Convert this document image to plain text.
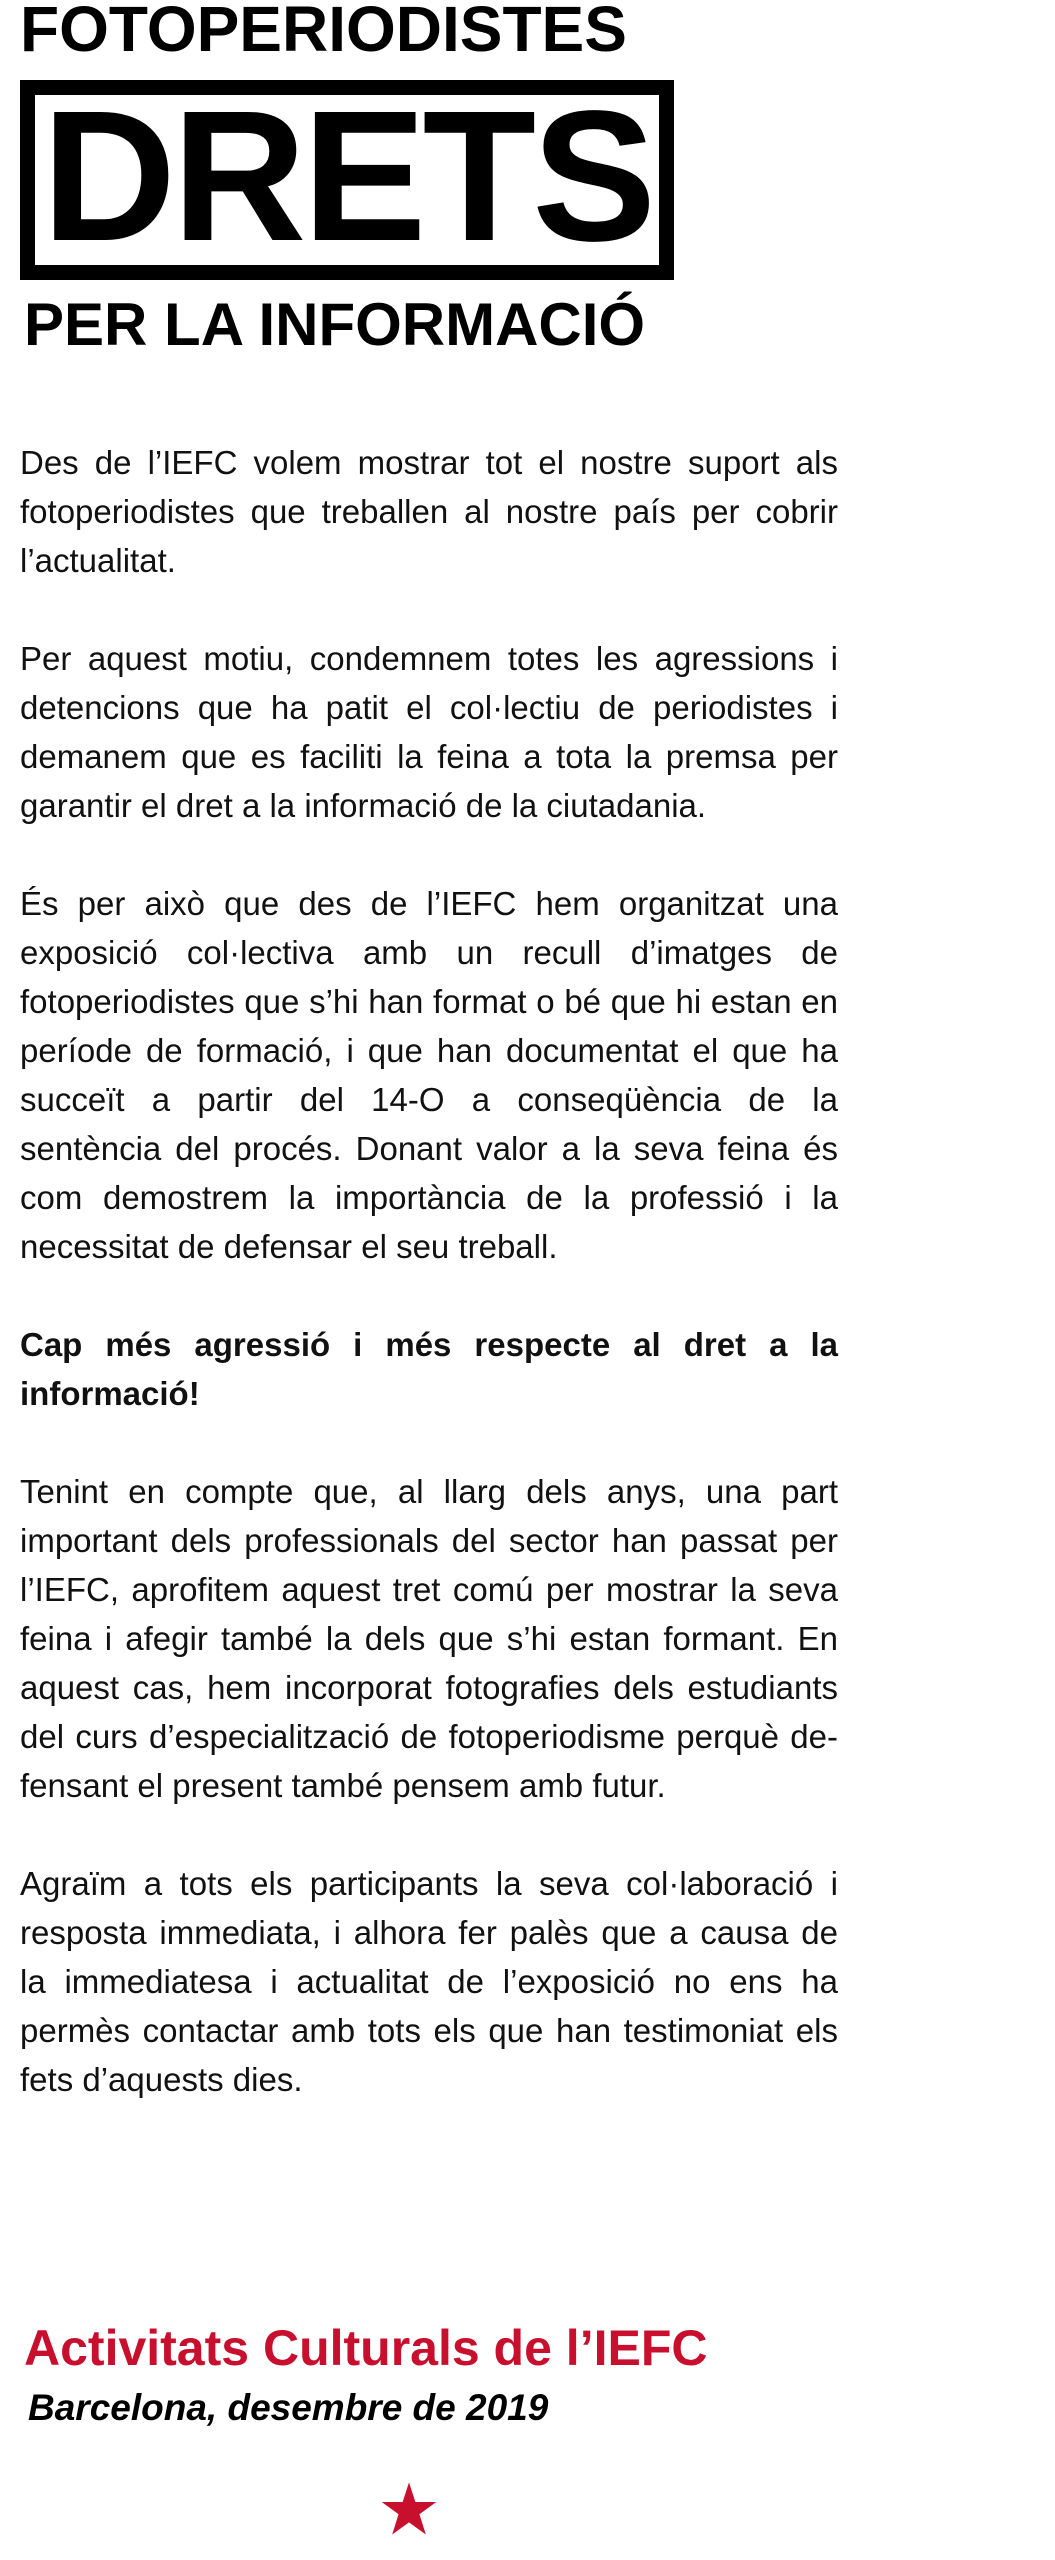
FOTOPERIODISTES
DRETS
PER LA INFORMACIÓ

Des de l’IEFC volem mostrar tot el nostre suport als fotoperiodistes que treballen al nostre país per cobrir l’actualitat.

Per aquest motiu, condemnem totes les agressions i detencions que ha patit el col·lectiu de periodistes i demanem que es faciliti la feina a tota la premsa per garantir el dret a la informació de la ciutadania.

És per això que des de l’IEFC hem organitzat una exposició col·lectiva amb un recull d’imatges de fotoperiodistes que s’hi han format o bé que hi estan en període de formació, i que han documentat el que ha succeït a partir del 14-O a conseqüència de la sentència del procés. Donant valor a la seva feina és com demostrem la importància de la professió i la necessitat de defensar el seu treball.

Cap més agressió i més respecte al dret a la informació!

Tenint en compte que, al llarg dels anys, una part important dels professionals del sector han passat per l’IEFC, aprofitem aquest tret comú per mostrar la seva feina i afegir també la dels que s’hi estan formant. En aquest cas, hem incorporat fotografies dels estudiants del curs d’especialització de fotoperiodisme perquè defensant el present també pensem amb futur.

Agraïm a tots els participants la seva col·laboració i resposta immediata, i alhora fer palès que a causa de la immediatesa i actualitat de l’exposició no ens ha permès contactar amb tots els que han testimoniat els fets d’aquests dies.

Activitats Culturals de l’IEFC
Barcelona, desembre de 2019
